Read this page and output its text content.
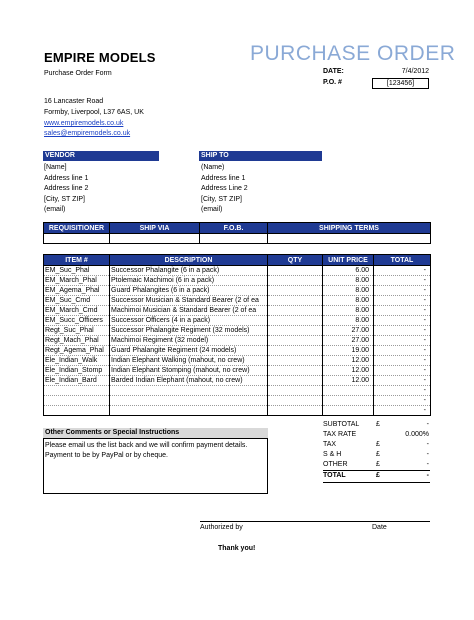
EMPIRE MODELS
Purchase Order Form
PURCHASE ORDER
DATE:	7/4/2012
P.O. #	[123456]
16 Lancaster Road
Formby, Liverpool, L37 6AS, UK
www.empiremodels.co.uk
sales@empiremodels.co.uk
VENDOR
[Name]
Address line 1
Address line 2
[City, ST ZIP]
(email)
SHIP TO
(Name)
Address line 1
Address Line 2
[City, ST ZIP]
(email)
REQUISITIONER	SHIP VIA	F.O.B.	SHIPPING TERMS

ITEM #	DESCRIPTION	QTY	UNIT PRICE	TOTAL
EM_Suc_Phal	Successor Phalangite (6 in a pack)		6.00	-
EM_March_Phal	Ptolemaic Machimoi (6 in a pack)		8.00	-
EM_Agema_Phal	Guard Phalangites (6 in a pack)		8.00	-
EM_Suc_Cmd	Successor Musician & Standard Bearer (2 of ea		8.00	-
EM_March_Cmd	Machimoi Musician & Standard Bearer (2 of ea		8.00	-
EM_Succ_Officers	Successor Officers (4 in a pack)		8.00	-
Regt_Suc_Phal	Successor Phalangite Regiment (32 models)		27.00	-
Regt_Mach_Phal	Machimoi Regiment (32 model)		27.00	-
Regt_Agema_Phal	Guard Phalangite Regiment (24 models)		19.00	-
Ele_Indian_Walk	Indian Elephant Walking (mahout, no crew)		12.00	-
Ele_Indian_Stomp	Indian Elephant Stomping (mahout, no crew)		12.00	-
Ele_Indian_Bard	Barded Indian Elephant (mahout, no crew)		12.00	-
				-
				-
				-
SUBTOTAL £	-
TAX RATE	0.000%
TAX	£	-
S & H	£	-
OTHER	£	-
TOTAL	£	-
Other Comments or Special Instructions
Please email us the list back and we will confirm payment details.
Payment to be by PayPal or by cheque.
Authorized by	Date
Thank you!
